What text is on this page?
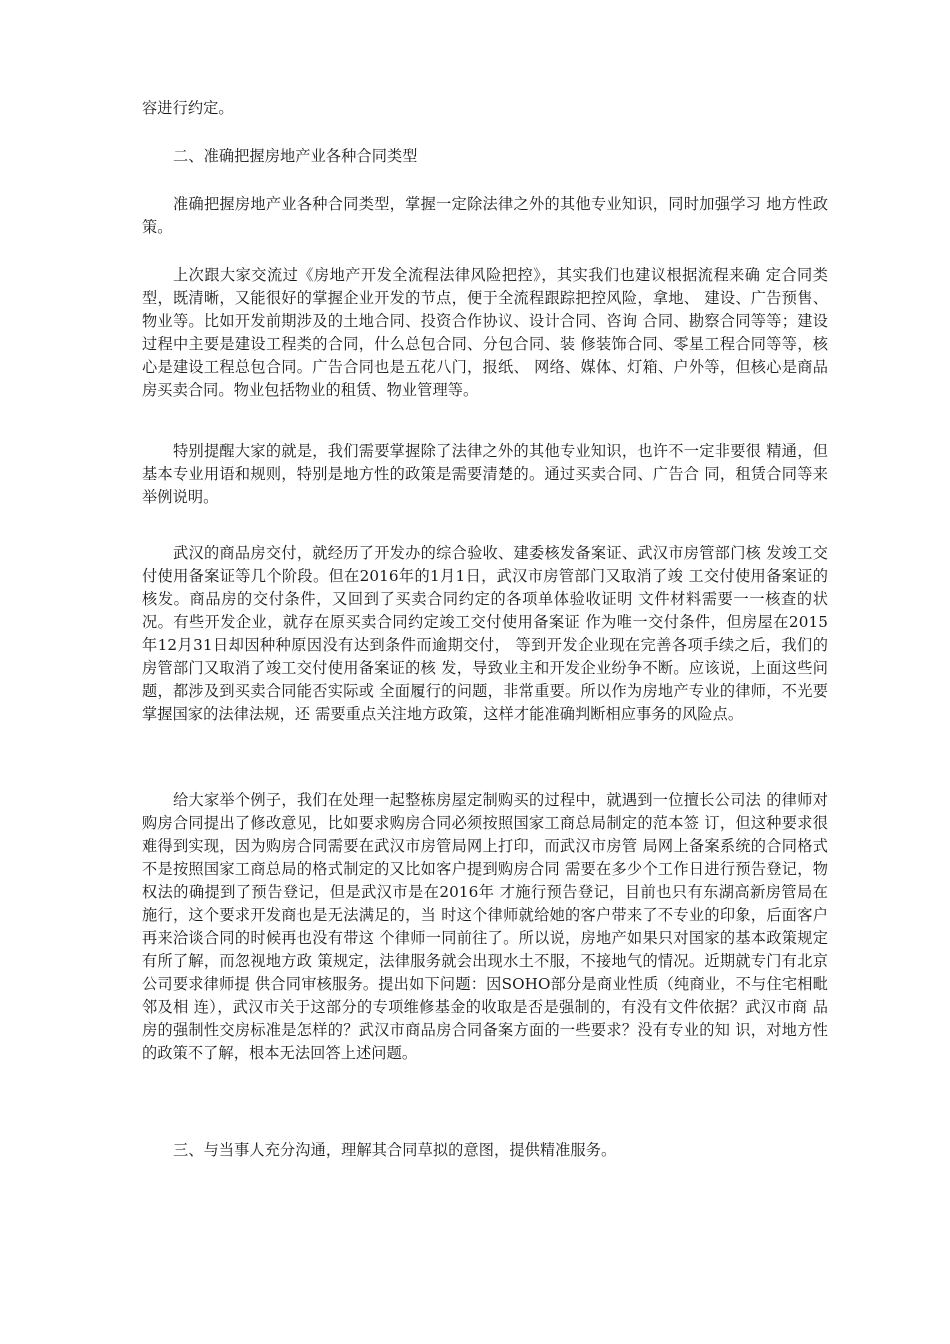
容进行约定。

二、准确把握房地产业各种合同类型

准确把握房地产业各种合同类型，掌握一定除法律之外的其他专业知识，同时加强学习 地方性政策。

上次跟大家交流过《房地产开发全流程法律风险把控》，其实我们也建议根据流程来确 定合同类型，既清晰，又能很好的掌握企业开发的节点，便于全流程跟踪把控风险，拿地、 建设、广告预售、物业等。比如开发前期涉及的土地合同、投资合作协议、设计合同、咨询 合同、勘察合同等等；建设过程中主要是建设工程类的合同，什么总包合同、分包合同、装 修装饰合同、零星工程合同等等，核心是建设工程总包合同。广告合同也是五花八门，报纸、 网络、媒体、灯箱、户外等，但核心是商品房买卖合同。物业包括物业的租赁、物业管理等。

特别提醒大家的就是，我们需要掌握除了法律之外的其他专业知识，也许不一定非要很 精通，但基本专业用语和规则，特别是地方性的政策是需要清楚的。通过买卖合同、广告合 同，租赁合同等来举例说明。

武汉的商品房交付，就经历了开发办的综合验收、建委核发备案证、武汉市房管部门核 发竣工交付使用备案证等几个阶段。但在2016年的1月1日，武汉市房管部门又取消了竣 工交付使用备案证的核发。商品房的交付条件，又回到了买卖合同约定的各项单体验收证明 文件材料需要一一核查的状况。有些开发企业，就存在原买卖合同约定竣工交付使用备案证 作为唯一交付条件，但房屋在2015年12月31日却因种种原因没有达到条件而逾期交付， 等到开发企业现在完善各项手续之后，我们的房管部门又取消了竣工交付使用备案证的核 发，导致业主和开发企业纷争不断。应该说，上面这些问题，都涉及到买卖合同能否实际或 全面履行的问题，非常重要。所以作为房地产专业的律师，不光要掌握国家的法律法规，还 需要重点关注地方政策，这样才能准确判断相应事务的风险点。

给大家举个例子，我们在处理一起整栋房屋定制购买的过程中，就遇到一位擅长公司法 的律师对购房合同提出了修改意见，比如要求购房合同必须按照国家工商总局制定的范本签 订，但这种要求很难得到实现，因为购房合同需要在武汉市房管局网上打印，而武汉市房管 局网上备案系统的合同格式不是按照国家工商总局的格式制定的又比如客户提到购房合同 需要在多少个工作日进行预告登记，物权法的确提到了预告登记，但是武汉市是在2016年 才施行预告登记，目前也只有东湖高新房管局在施行，这个要求开发商也是无法满足的，当 时这个律师就给她的客户带来了不专业的印象，后面客户再来洽谈合同的时候再也没有带这 个律师一同前往了。所以说，房地产如果只对国家的基本政策规定有所了解，而忽视地方政 策规定，法律服务就会出现水土不服，不接地气的情况。近期就专门有北京公司要求律师提 供合同审核服务。提出如下问题：因SOHO部分是商业性质（纯商业，不与住宅相毗邻及相 连），武汉市关于这部分的专项维修基金的收取是否是强制的，有没有文件依据？武汉市商 品房的强制性交房标准是怎样的？武汉市商品房合同备案方面的一些要求？没有专业的知 识，对地方性的政策不了解，根本无法回答上述问题。

三、与当事人充分沟通，理解其合同草拟的意图，提供精准服务。
